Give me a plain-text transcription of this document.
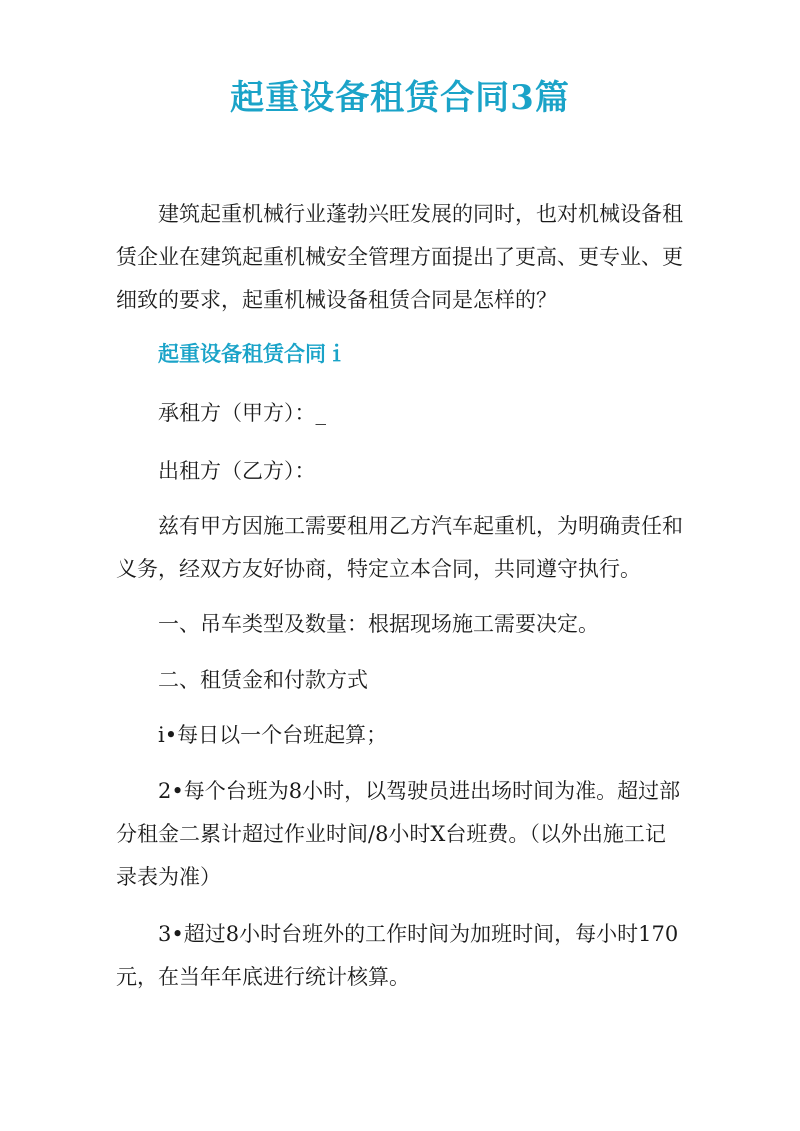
起重设备租赁合同3篇

建筑起重机械行业蓬勃兴旺发展的同时，也对机械设备租赁企业在建筑起重机械安全管理方面提出了更高、更专业、更细致的要求，起重机械设备租赁合同是怎样的？

起重设备租赁合同ｉ

承租方（甲方）：_

出租方（乙方）：

兹有甲方因施工需要租用乙方汽车起重机，为明确责任和义务，经双方友好协商，特定立本合同，共同遵守执行。

一、吊车类型及数量：根据现场施工需要决定。

二、租赁金和付款方式

i•每日以一个台班起算；

2•每个台班为8小时，以驾驶员进出场时间为准。超过部分租金二累计超过作业时间/8小时X台班费。（以外出施工记录表为准）

3•超过8小时台班外的工作时间为加班时间，每小时170元，在当年年底进行统计核算。
